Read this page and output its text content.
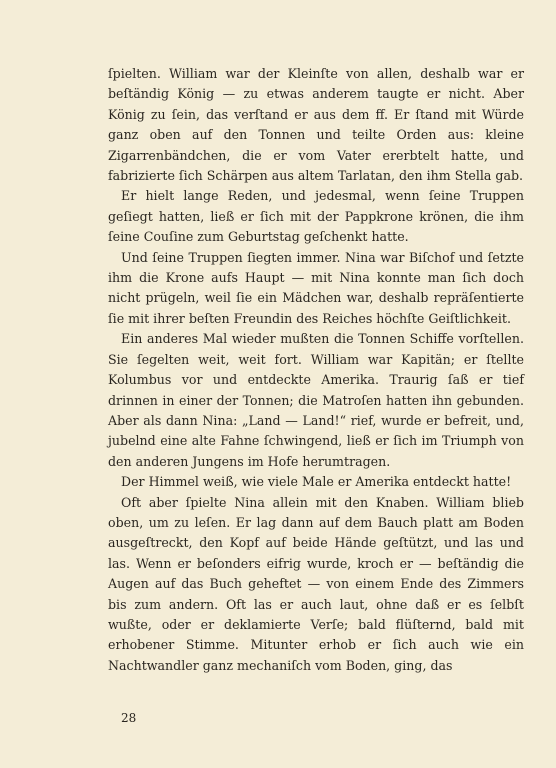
ſpielten. William war der Kleinſte von allen, deshalb war er beſtändig König — zu etwas anderem taugte er nicht. Aber König zu ſein, das verſtand er aus dem ff. Er ſtand mit Würde ganz oben auf den Tonnen und teilte Orden aus: kleine Zigarrenbändchen, die er vom Vater ererbtelt hatte, und fabrizierte ſich Schärpen aus altem Tarlatan, den ihm Stella gab.

Er hielt lange Reden, und jedesmal, wenn ſeine Truppen geſiegt hatten, ließ er ſich mit der Pappkrone krönen, die ihm ſeine Couſine zum Geburtstag geſchenkt hatte.

Und ſeine Truppen ſiegten immer. Nina war Biſchof und ſetzte ihm die Krone aufs Haupt — mit Nina konnte man ſich doch nicht prügeln, weil ſie ein Mädchen war, deshalb repräſentierte ſie mit ihrer beſten Freundin des Reiches höchſte Geiſtlichkeit.

Ein anderes Mal wieder mußten die Tonnen Schiffe vorſtellen. Sie ſegelten weit, weit fort. William war Kapitän; er ſtellte Kolumbus vor und entdeckte Amerika. Traurig ſaß er tief drinnen in einer der Tonnen; die Matroſen hatten ihn gebunden. Aber als dann Nina: „Land — Land!“ rief, wurde er befreit, und, jubelnd eine alte Fahne ſchwingend, ließ er ſich im Triumph von den anderen Jungens im Hofe herumtragen.

Der Himmel weiß, wie viele Male er Amerika entdeckt hatte!

Oft aber ſpielte Nina allein mit den Knaben. William blieb oben, um zu leſen. Er lag dann auf dem Bauch platt am Boden ausgeſtreckt, den Kopf auf beide Hände geſtützt, und las und las. Wenn er beſonders eifrig wurde, kroch er — beſtändig die Augen auf das Buch geheftet — von einem Ende des Zimmers bis zum andern. Oft las er auch laut, ohne daß er es ſelbſt wußte, oder er deklamierte Verſe; bald flüſternd, bald mit erhobener Stimme. Mitunter erhob er ſich auch wie ein Nachtwandler ganz mechaniſch vom Boden, ging, das

28
